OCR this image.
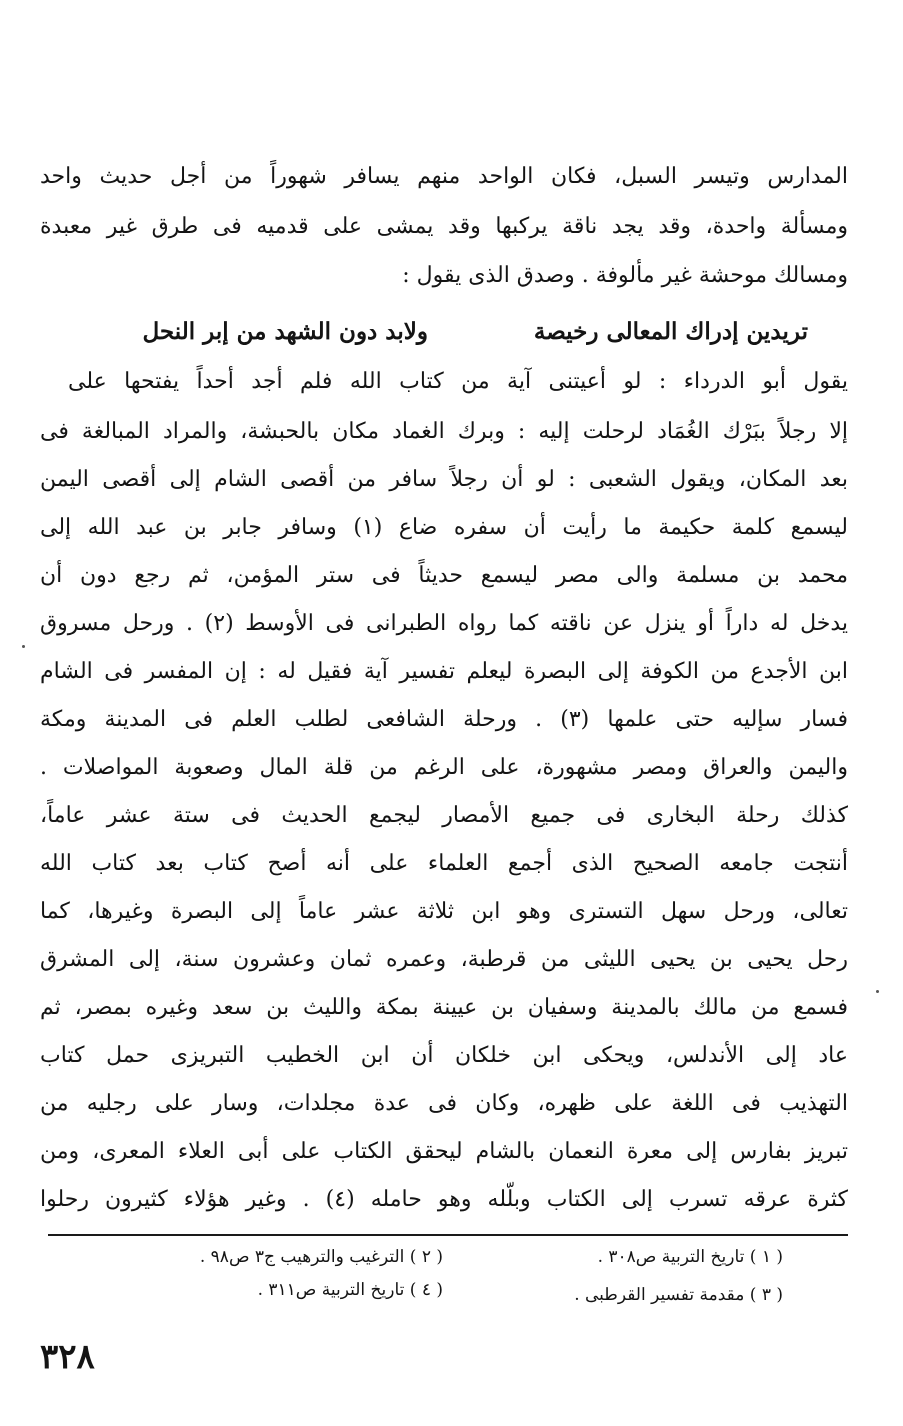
المدارس وتيسر السبل، فكان الواحد منهم يسافر شهوراً من أجل حديث واحد
ومسألة واحدة، وقد يجد ناقة يركبها وقد يمشى على قدميه فى طرق غير معبدة
ومسالك موحشة غير مألوفة . وصدق الذى يقول :
تريدين إدراك المعالى رخيصة
ولابد دون الشهد من إبر النحل
يقول أبو الدرداء : لو أعيتنى آية من كتاب الله فلم أجد أحداً يفتحها على
إلا رجلاً ببَرْك الغُمَاد لرحلت إليه : وبرك الغماد مكان بالحبشة، والمراد المبالغة فى
بعد المكان، ويقول الشعبى : لو أن رجلاً سافر من أقصى الشام إلى أقصى اليمن
ليسمع كلمة حكيمة ما رأيت أن سفره ضاع (١) وسافر جابر بن عبد الله إلى
محمد بن مسلمة والى مصر ليسمع حديثاً فى ستر المؤمن، ثم رجع دون أن
يدخل له داراً أو ينزل عن ناقته كما رواه الطبرانى فى الأوسط (٢) . ورحل مسروق
ابن الأجدع من الكوفة إلى البصرة ليعلم تفسير آية فقيل له : إن المفسر فى الشام
فسار سإليه حتى علمها (٣) . ورحلة الشافعى لطلب العلم فى المدينة ومكة
واليمن والعراق ومصر مشهورة، على الرغم من قلة المال وصعوبة المواصلات .
كذلك رحلة البخارى فى جميع الأمصار ليجمع الحديث فى ستة عشر عاماً،
أنتجت جامعه الصحيح الذى أجمع العلماء على أنه أصح كتاب بعد كتاب الله
تعالى، ورحل سهل التسترى وهو ابن ثلاثة عشر عاماً إلى البصرة وغيرها، كما
رحل يحيى بن يحيى الليثى من قرطبة، وعمره ثمان وعشرون سنة، إلى المشرق
فسمع من مالك بالمدينة وسفيان بن عيينة بمكة والليث بن سعد وغيره بمصر، ثم
عاد إلى الأندلس، ويحكى ابن خلكان أن ابن الخطيب التبريزى حمل كتاب
التهذيب فى اللغة على ظهره، وكان فى عدة مجلدات، وسار على رجليه من
تبريز بفارس إلى معرة النعمان بالشام ليحقق الكتاب على أبى العلاء المعرى، ومن
كثرة عرقه تسرب إلى الكتاب وبلّله وهو حامله (٤) . وغير هؤلاء كثيرون رحلوا
( ١ ) تاريخ التربية ص٣٠٨ .
( ٢ ) الترغيب والترهيب ج٣ ص٩٨ .
( ٣ ) مقدمة تفسير القرطبى .
( ٤ ) تاريخ التربية ص٣١١ .
٣٢٨
